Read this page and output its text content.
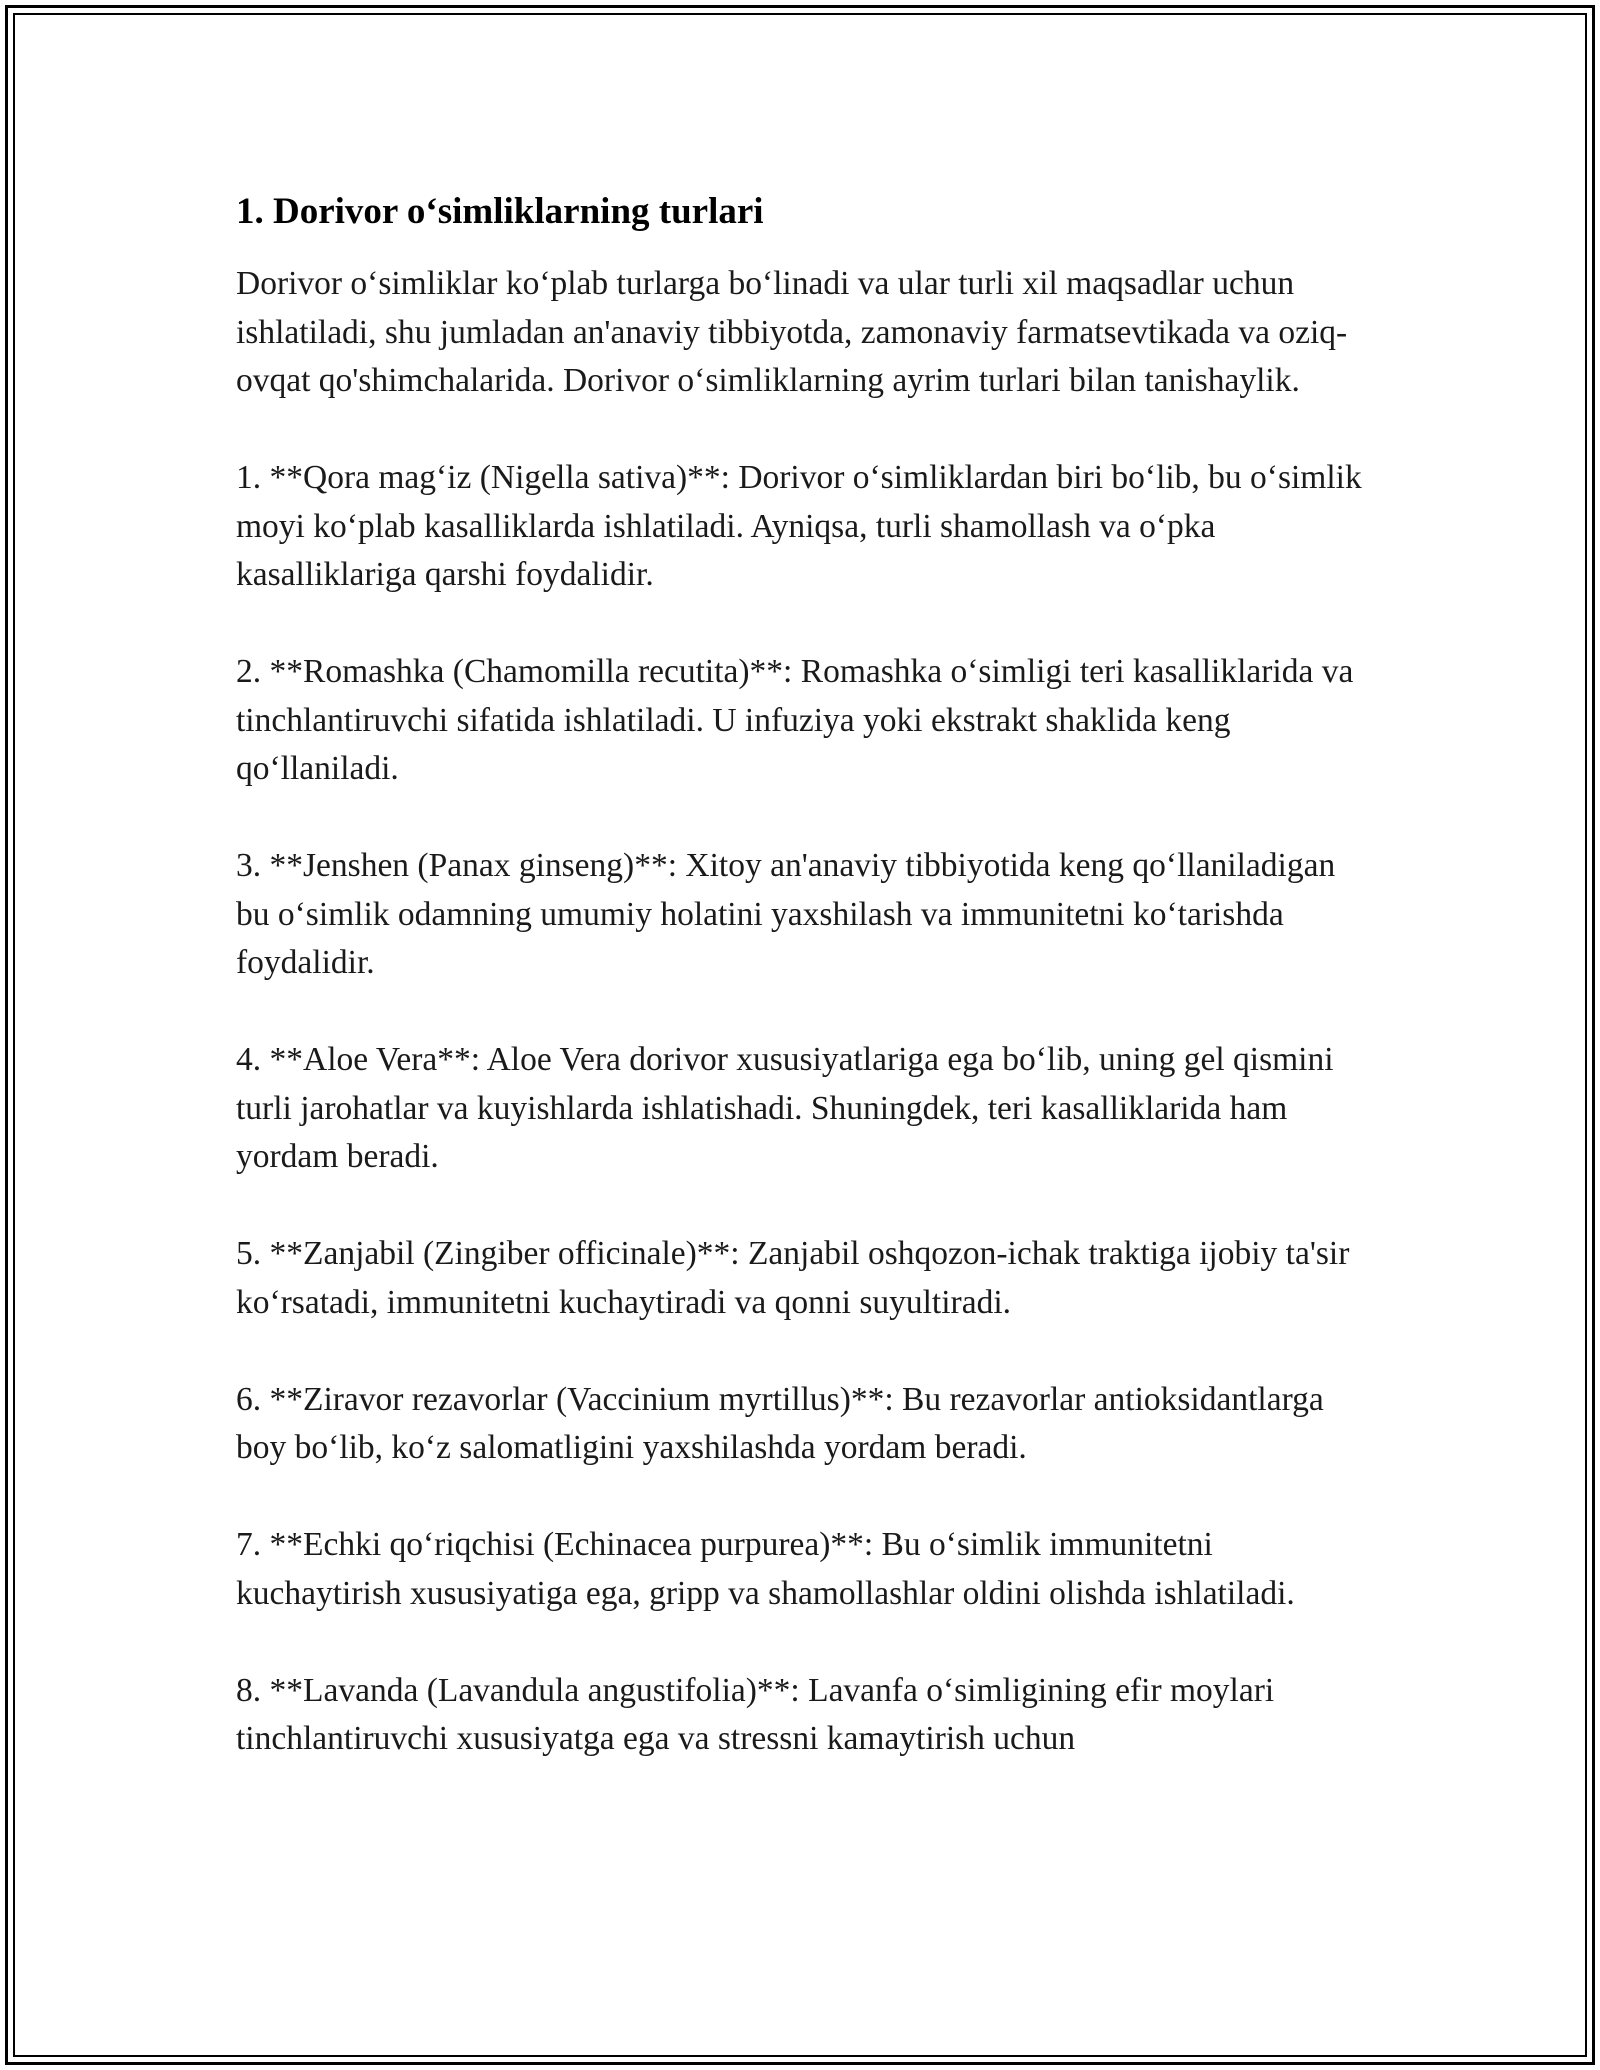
1. Dorivor o‘simliklarning turlari

Dorivor o‘simliklar ko‘plab turlarga bo‘linadi va ular turli xil maqsadlar uchun ishlatiladi, shu jumladan an'anaviy tibbiyotda, zamonaviy farmatsevtikada va oziq-ovqat qo'shimchalarida. Dorivor o‘simliklarning ayrim turlari bilan tanishaylik.

1. **Qora mag‘iz (Nigella sativa)**: Dorivor o‘simliklardan biri bo‘lib, bu o‘simlik moyi ko‘plab kasalliklarda ishlatiladi. Ayniqsa, turli shamollash va o‘pka kasalliklariga qarshi foydalidir.

2. **Romashka (Chamomilla recutita)**: Romashka o‘simligi teri kasalliklarida va tinchlantiruvchi sifatida ishlatiladi. U infuziya yoki ekstrakt shaklida keng qo‘llaniladi.

3. **Jenshen (Panax ginseng)**: Xitoy an'anaviy tibbiyotida keng qo‘llaniladigan bu o‘simlik odamning umumiy holatini yaxshilash va immunitetni ko‘tarishda foydalidir.

4. **Aloe Vera**: Aloe Vera dorivor xususiyatlariga ega bo‘lib, uning gel qismini turli jarohatlar va kuyishlarda ishlatishadi. Shuningdek, teri kasalliklarida ham yordam beradi.

5. **Zanjabil (Zingiber officinale)**: Zanjabil oshqozon-ichak traktiga ijobiy ta'sir ko‘rsatadi, immunitetni kuchaytiradi va qonni suyultiradi.

6. **Ziravor rezavorlar (Vaccinium myrtillus)**: Bu rezavorlar antioksidantlarga boy bo‘lib, ko‘z salomatligini yaxshilashda yordam beradi.

7. **Echki qo‘riqchisi (Echinacea purpurea)**: Bu o‘simlik immunitetni kuchaytirish xususiyatiga ega, gripp va shamollashlar oldini olishda ishlatiladi.

8. **Lavanda (Lavandula angustifolia)**: Lavanfa o‘simligining efir moylari tinchlantiruvchi xususiyatga ega va stressni kamaytirish uchun
